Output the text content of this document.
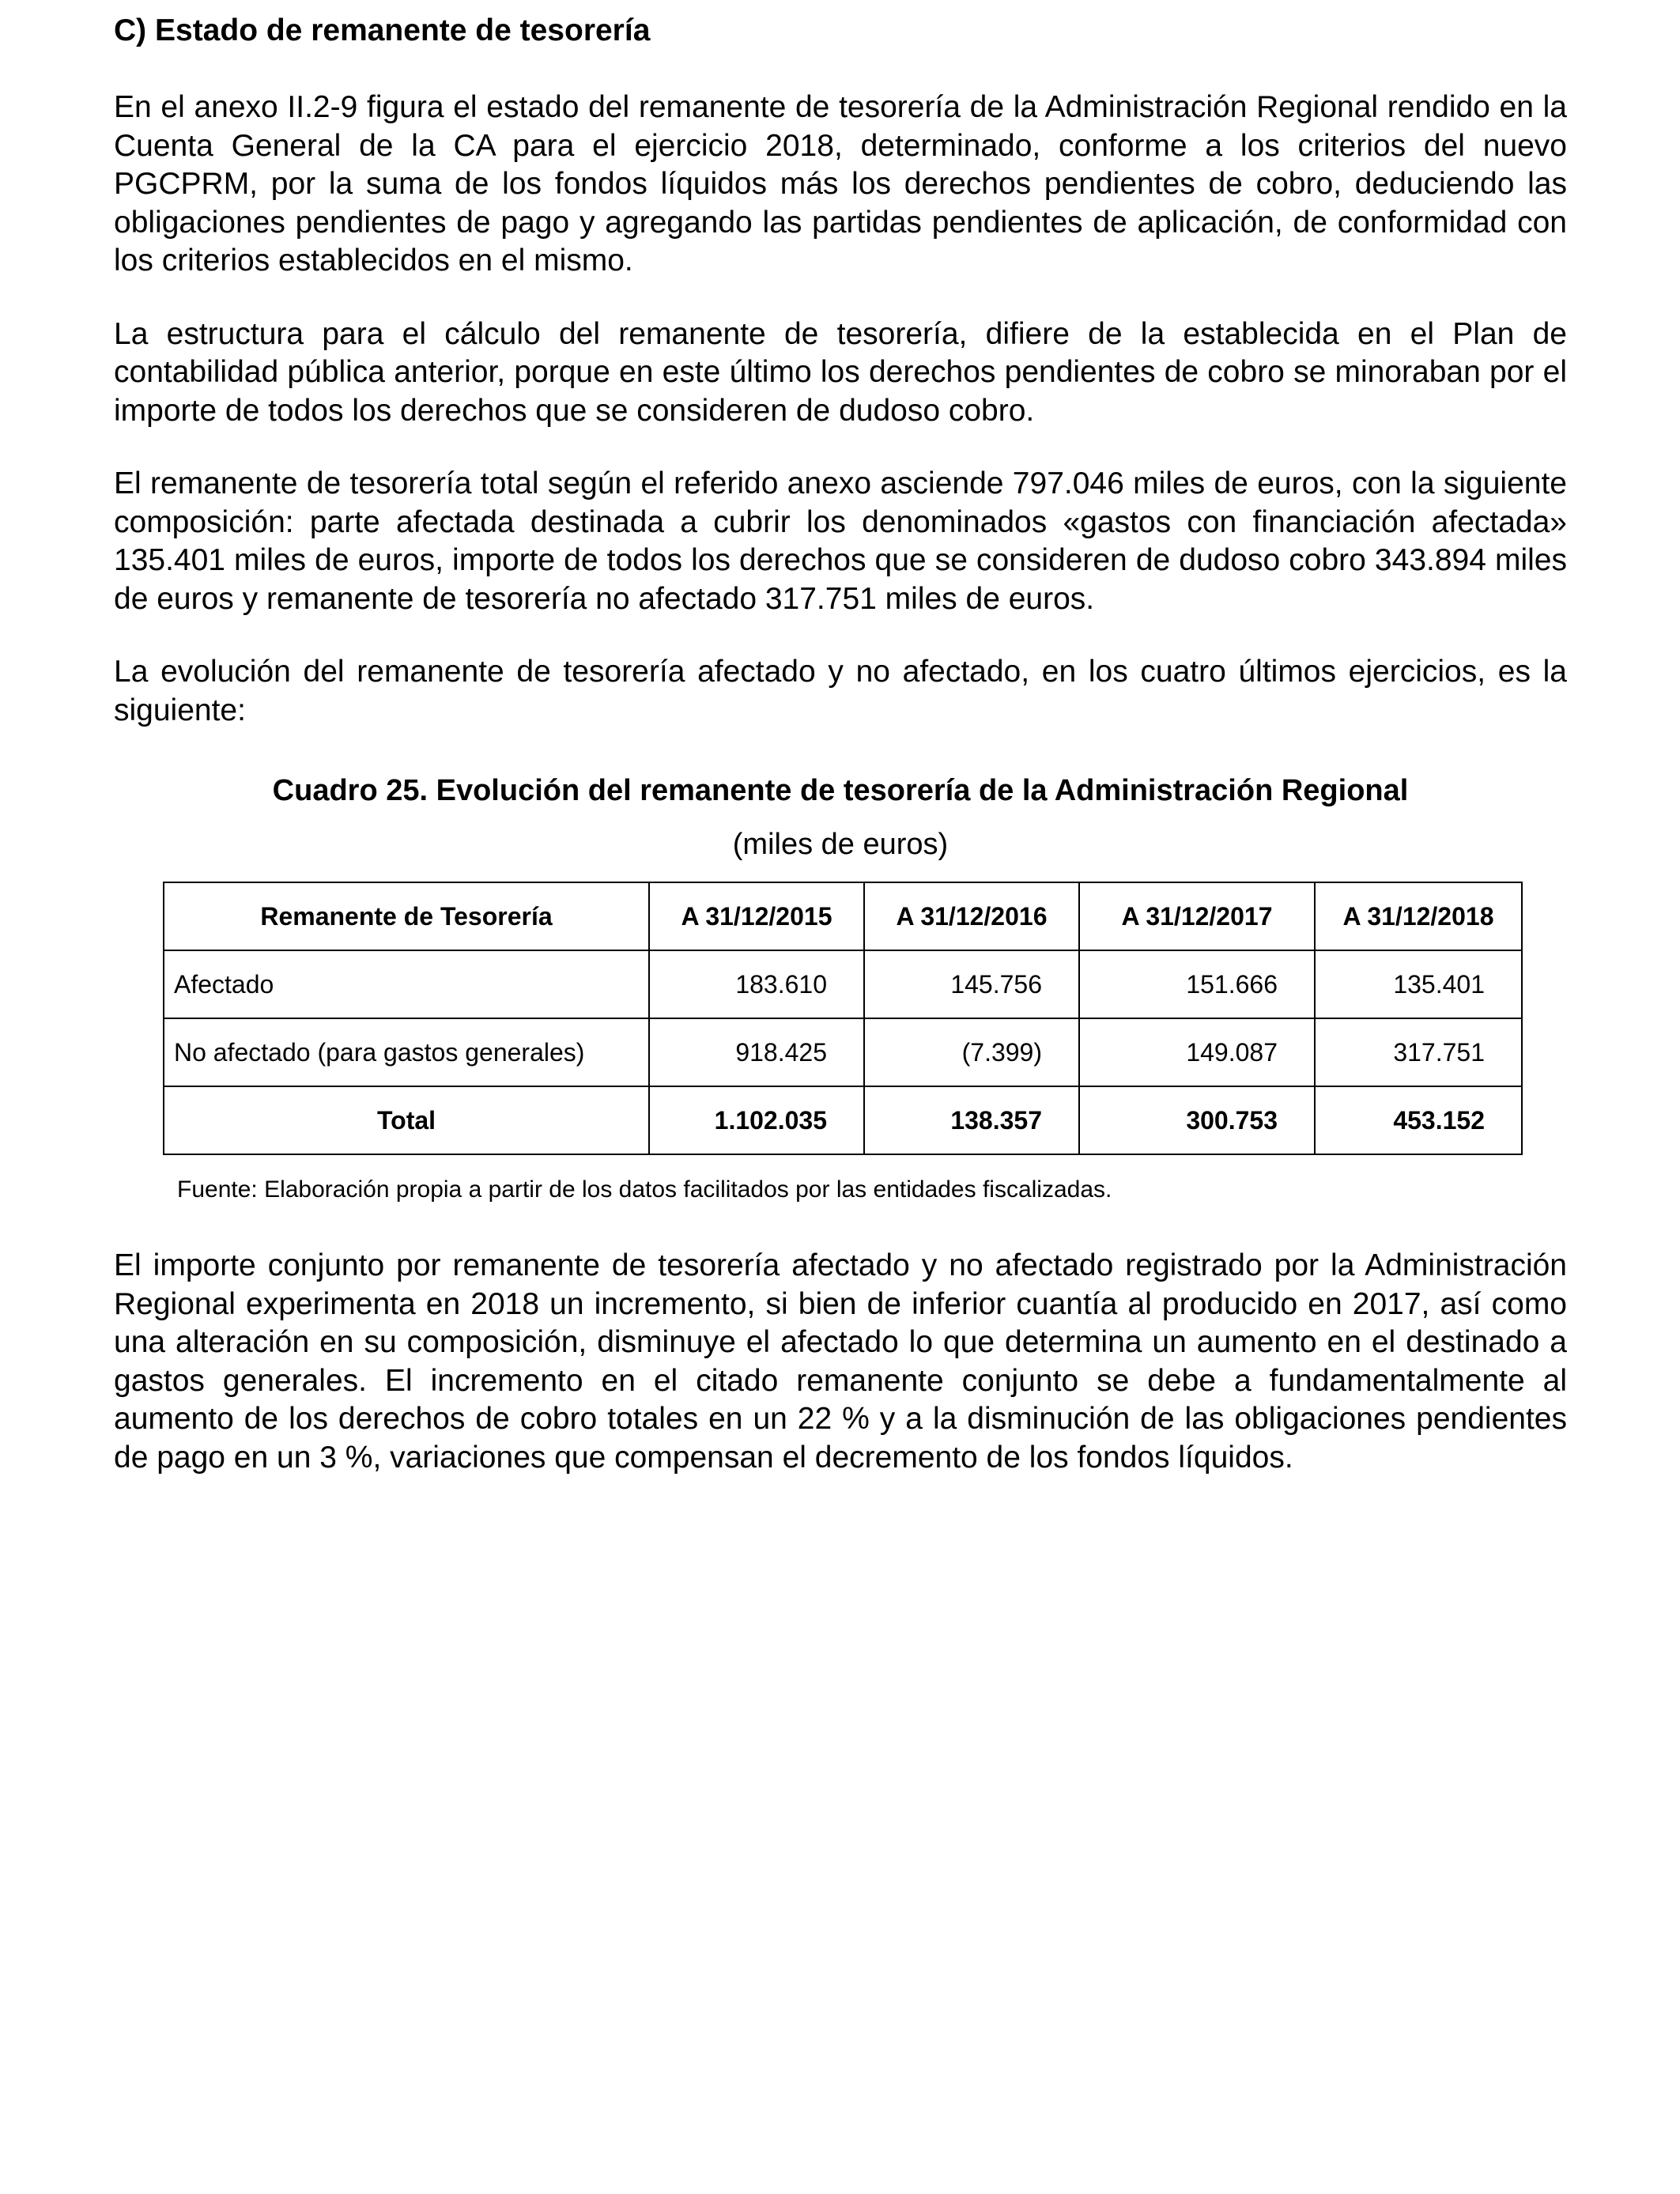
C) Estado de remanente de tesorería

En el anexo II.2-9 figura el estado del remanente de tesorería de la Administración Regional rendido en la Cuenta General de la CA para el ejercicio 2018, determinado, conforme a los criterios del nuevo PGCPRM, por la suma de los fondos líquidos más los derechos pendientes de cobro, deduciendo las obligaciones pendientes de pago y agregando las partidas pendientes de aplicación, de conformidad con los criterios establecidos en el mismo.

La estructura para el cálculo del remanente de tesorería, difiere de la establecida en el Plan de contabilidad pública anterior, porque en este último los derechos pendientes de cobro se minoraban por el importe de todos los derechos que se consideren de dudoso cobro.

El remanente de tesorería total según el referido anexo asciende 797.046 miles de euros, con la siguiente composición: parte afectada destinada a cubrir los denominados «gastos con financiación afectada» 135.401 miles de euros, importe de todos los derechos que se consideren de dudoso cobro 343.894 miles de euros y remanente de tesorería no afectado 317.751 miles de euros.

La evolución del remanente de tesorería afectado y no afectado, en los cuatro últimos ejercicios, es la siguiente:

Cuadro 25. Evolución del remanente de tesorería de la Administración Regional
(miles de euros)
Remanente de Tesorería	A 31/12/2015	A 31/12/2016	A 31/12/2017	A 31/12/2018
Afectado	183.610	145.756	151.666	135.401
No afectado (para gastos generales)	918.425	(7.399)	149.087	317.751
Total	1.102.035	138.357	300.753	453.152
Fuente: Elaboración propia a partir de los datos facilitados por las entidades fiscalizadas.

El importe conjunto por remanente de tesorería afectado y no afectado registrado por la Administración Regional experimenta en 2018 un incremento, si bien de inferior cuantía al producido en 2017, así como una alteración en su composición, disminuye el afectado lo que determina un aumento en el destinado a gastos generales. El incremento en el citado remanente conjunto se debe a fundamentalmente al aumento de los derechos de cobro totales en un 22 % y a la disminución de las obligaciones pendientes de pago en un 3 %, variaciones que compensan el decremento de los fondos líquidos.
